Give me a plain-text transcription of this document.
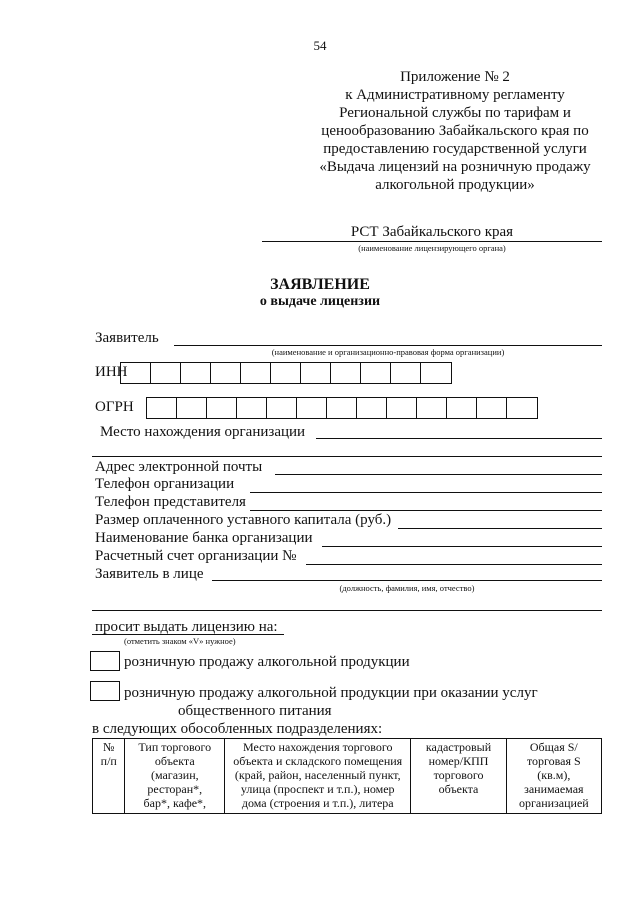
54
Приложение № 2
к Административному регламенту
Региональной службы по тарифам и
ценообразованию Забайкальского края по
предоставлению государственной услуги
«Выдача лицензий на розничную продажу
алкогольной продукции»
РСТ Забайкальского края
(наименование лицензирующего органа)
ЗАЯВЛЕНИЕ
о выдаче лицензии
Заявитель
(наименование и организационно-правовая форма организации)
ИНН
ОГРН
Место нахождения организации
Адрес электронной почты
Телефон организации
Телефон представителя
Размер оплаченного уставного капитала (руб.)
Наименование банка организации
Расчетный счет организации №
Заявитель в лице
(должность, фамилия, имя, отчество)
просит выдать лицензию на:
(отметить знаком «V» нужное)
розничную продажу алкогольной продукции
розничную продажу алкогольной продукции при оказании услуг
общественного питания
в следующих обособленных подразделениях:
№
п/п

Тип торгового
объекта
(магазин,
ресторан*,
бар*, кафе*,

Место нахождения торгового
объекта и складского помещения
(край, район, населенный пункт,
улица (проспект и т.п.), номер
дома (строения и т.п.), литера

кадастровый
номер/КПП
торгового
объекта

Общая S/
торговая S
(кв.м),
занимаемая
организацией
